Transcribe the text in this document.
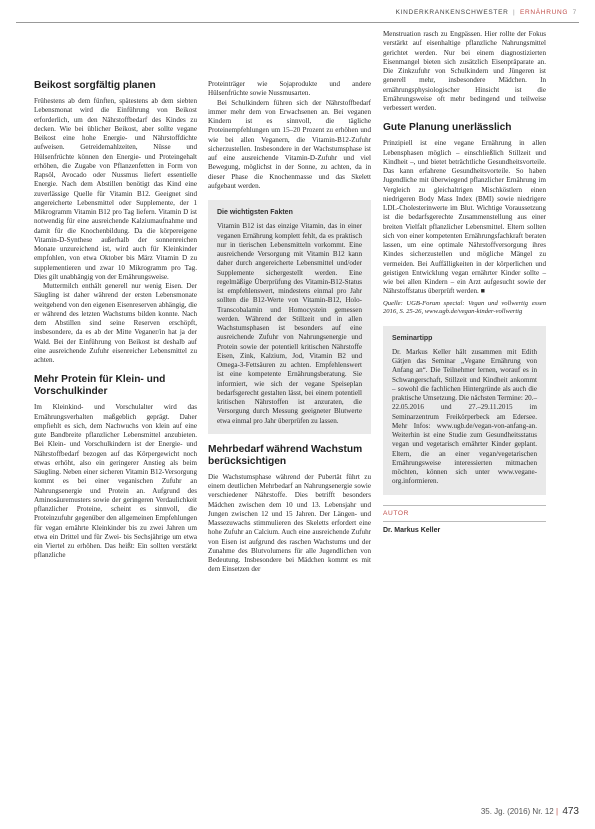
KINDERKRANKENSCHWESTER | ERNÄHRUNG 7
Beikost sorgfältig planen

Frühestens ab dem fünften, spätestens ab dem siebten Lebensmonat wird die Einführung von Beikost erforderlich, um den Nährstoffbedarf des Kindes zu decken. Wie bei üblicher Beikost, aber sollte vegane Beikost eine hohe Energie- und Nährstoffdichte aufweisen. Getreidemahlzeiten, Nüsse und Hülsenfrüchte können den Energie- und Proteingehalt erhöhen, die Zugabe von Pflanzenfetten in Form von Rapsöl, Avocado oder Nussmus liefert essentielle Energie. Nach dem Abstillen benötigt das Kind eine zuverlässige Quelle für Vitamin B12. Geeignet sind angereicherte Lebensmittel oder Supplemente, der 1 Mikrogramm Vitamin B12 pro Tag liefern. Vitamin D ist notwendig für eine ausreichende Kalziumaufnahme und damit für die Knochenbildung. Da die körpereigene Vitamin-D-Synthese außerhalb der sonnenreichen Monate unzureichend ist, wird auch für Kleinkinder empfohlen, von etwa Oktober bis März Vitamin D zu supplementieren und zwar 10 Mikrogramm pro Tag. Dies gilt unabhängig von der Ernährungsweise.

Muttermilch enthält generell nur wenig Eisen. Der Säugling ist daher während der ersten Lebensmonate weitgehend von den eigenen Eisenreserven abhängig, die er während des letzten Wachstums bilden konnte. Nach dem Abstillen sind seine Reserven erschöpft, insbesondere, da es ab der Mitte Veganer/in hat ja der Wald. Bei der Einführung von Beikost ist deshalb auf eine ausreichende Zufuhr eisenreicher Lebensmittel zu achten.

Mehr Protein für Klein- und Vorschulkinder

Im Kleinkind- und Vorschulalter wird das Ernährungsverhalten maßgeblich geprägt. Daher empfiehlt es sich, dem Nachwuchs von klein auf eine gute Bandbreite pflanzlicher Lebensmittel anzubieten. Bei Klein- und Vorschulkindern ist der Energie- und Nährstoffbedarf bezogen auf das Körpergewicht noch etwas erhöht, also ein geringerer Anstieg als beim Säugling. Neben einer sicheren Vitamin B12-Versorgung kommt es bei einer veganischen Zufuhr an Nahrungsenergie und Protein an. Aufgrund des Aminosäuremusters sowie der geringeren Verdaulichkeit pflanzlicher Proteine, scheint es sinnvoll, die Proteinzufuhr gegenüber den allgemeinen Empfehlungen für vegan ernährte Kleinkinder bis zu zwei Jahren um etwa ein Drittel und für Zwei- bis Sechsjährige um etwa ein Viertel zu erhöhen. Das heißt: Ein sollten verstärkt pflanzliche

Proteinträger wie Sojaprodukte und andere Hülsenfrüchte sowie Nussmusarten.

Bei Schulkindern führen sich der Nährstoffbedarf immer mehr dem von Erwachsenen an. Bei veganen Kindern ist es sinnvoll, die tägliche Proteinempfehlungen um 15–20 Prozent zu erhöhen und wie bei allen Veganern, die Vitamin-B12-Zufuhr sicherzustellen. Insbesondere in der Wachstumsphase ist auf eine ausreichende Vitamin-D-Zufuhr und viel Bewegung, möglichst in der Sonne, zu achten, da in dieser Phase die Knochenmasse und das Skelett aufgebaut werden.

Die wichtigsten Fakten

Vitamin B12 ist das einzige Vitamin, das in einer veganen Ernährung komplett fehlt, da es praktisch nur in tierischen Lebensmitteln vorkommt. Eine ausreichende Versorgung mit Vitamin B12 kann daher durch angereicherte Lebensmittel und/oder Supplemente sichergestellt werden. Eine regelmäßige Überprüfung des Vitamin-B12-Status ist empfehlenswert, mindestens einmal pro Jahr sollten die B12-Werte von Vitamin-B12, Holo-Transcobalamin und Homocystein gemessen werden. Während der Stillzeit und in allen Wachstumsphasen ist besonders auf eine ausreichende Zufuhr von Nahrungsenergie und Protein sowie der potentiell kritischen Nährstoffe Eisen, Zink, Kalzium, Jod, Vitamin B2 und Omega-3-Fettsäuren zu achten. Empfehlenswert ist eine kompetente Ernährungsberatung. Sie informiert, wie sich der vegane Speiseplan bedarfsgerecht gestalten lässt, bei einem potentiell kritischen Nährstoffen ist anzuraten, die Versorgung durch Messung geeigneter Blutwerte etwa einmal pro Jahr überprüfen zu lassen.

Mehrbedarf während Wachstum berücksichtigen

Die Wachstumsphase während der Pubertät führt zu einem deutlichen Mehrbedarf an Nahrungsenergie sowie verschiedener Nährstoffe. Dies betrifft besonders Mädchen zwischen dem 10 und 13. Lebensjahr und Jungen zwischen 12 und 15 Jahren. Der Längen- und Massezuwachs stimmulieren des Skeletts erfordert eine hohe Zufuhr an Calcium. Auch eine ausreichende Zufuhr von Eisen ist aufgrund des raschen Wachstums und der Zunahme des Blutvolumens für alle Jugendlichen von Bedeutung. Insbesondere bei Mädchen kommt es mit dem Einsetzen der

Menstruation rasch zu Engpässen. Hier rollte der Fokus verstärkt auf eisenhaltige pflanzliche Nahrungsmittel gerichtet werden. Nur bei einem diagnostizierten Eisenmangel bieten sich zusätzlich Eisenpräparate an. Die Zinkzufuhr von Schulkindern und Jüngeren ist generell mehr, insbesondere Mädchen. In ernährungsphysiologischer Hinsicht ist die Ernährungsweise oft mehr bedingend und teilweise verbessert werden.

Gute Planung unerlässlich

Prinzipiell ist eine vegane Ernährung in allen Lebensphasen möglich – einschließlich Stillzeit und Kindheit –, und bietet beträchtliche Gesundheitsvorteile. Das kann erfahrene Gesundheitsvorteile. So haben Jugendliche mit überwiegend pflanzlicher Ernährung im Vergleich zu gleichaltrigen Mischköstlern einen niedrigeren Body Mass Index (BMI) sowie niedrigere LDL-Cholesterinwerte im Blut. Wichtige Voraussetzung ist die bedarfsgerechte Zusammenstellung aus einer breiten Vielfalt pflanzlicher Lebensmittel. Eltern sollten sich von einer kompetenten Ernährungsfachkraft beraten lassen, um eine optimale Nährstoffversorgung ihres Kindes sicherzustellen und mögliche Mängel zu vermeiden. Bei Auffälligkeiten in der körperlichen und geistigen Entwicklung vegan ernährter Kinder sollte – wie bei allen Kindern – ein Arzt aufgesucht sowie der Nährstoffstatus überprüft werden. ■

Quelle: UGB-Forum special: Vegan und vollwertig essen 2016, S. 25-26, www.ugb.de/vegan-kinder-vollwertig

Seminartipp

Dr. Markus Keller hält zusammen mit Edith Gätjen das Seminar „Vegane Ernährung von Anfang an“. Die Teilnehmer lernen, worauf es in Schwangerschaft, Stillzeit und Kindheit ankommt – sowohl die fachlichen Hintergründe als auch die praktische Umsetzung. Die nächsten Termine: 20.–22.05.2016 und 27.–29.11.2015 im Seminarzentrum Freikörperbeck am Edersee. Mehr Infos: www.ugb.de/vegan-von-anfang-an. Weiterhin ist eine Studie zum Gesundheitsstatus vegan und vegetarisch ernährter Kinder geplant. Eltern, die an einer vegan/vegetarischen Ernährungsweise interessierten mitmachen möchten, können sich unter www.vegane-org.informieren.

AUTOR
Dr. Markus Keller
35. Jg. (2016) Nr. 12 | 473
